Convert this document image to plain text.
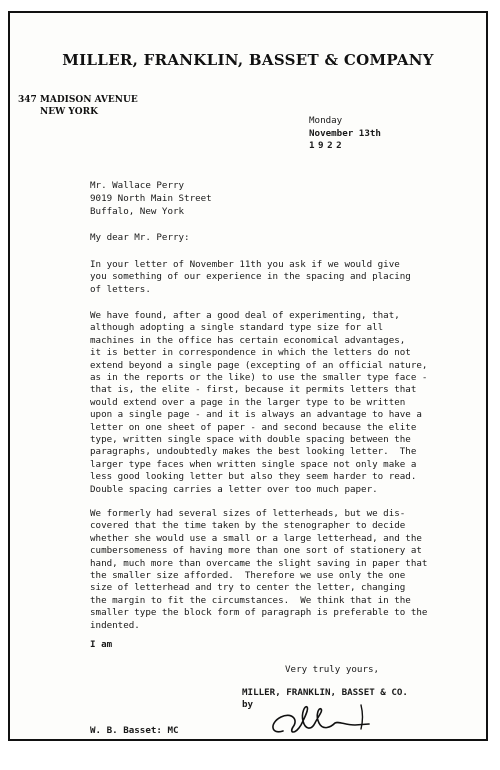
MILLER, FRANKLIN, BASSET & COMPANY
347 MADISON AVENUE
NEW YORK
Monday
November 13th
1922
Mr. Wallace Perry
9019 North Main Street
Buffalo, New York
My dear Mr. Perry:
In your letter of November 11th you ask if we would give
you something of our experience in the spacing and placing
of letters.
We have found, after a good deal of experimenting, that,
although adopting a single standard type size for all
machines in the office has certain economical advantages,
it is better in correspondence in which the letters do not
extend beyond a single page (excepting of an official nature,
as in the reports or the like) to use the smaller type face -
that is, the elite - first, because it permits letters that
would extend over a page in the larger type to be written
upon a single page - and it is always an advantage to have a
letter on one sheet of paper - and second because the elite
type, written single space with double spacing between the
paragraphs, undoubtedly makes the best looking letter.  The
larger type faces when written single space not only make a
less good looking letter but also they seem harder to read.
Double spacing carries a letter over too much paper.
We formerly had several sizes of letterheads, but we dis-
covered that the time taken by the stenographer to decide
whether she would use a small or a large letterhead, and the
cumbersomeness of having more than one sort of stationery at
hand, much more than overcame the slight saving in paper that
the smaller size afforded.  Therefore we use only the one
size of letterhead and try to center the letter, changing
the margin to fit the circumstances.  We think that in the
smaller type the block form of paragraph is preferable to the
indented.
I am
Very truly yours,
MILLER, FRANKLIN, BASSET & CO.
by
W. B. Basset: MC
